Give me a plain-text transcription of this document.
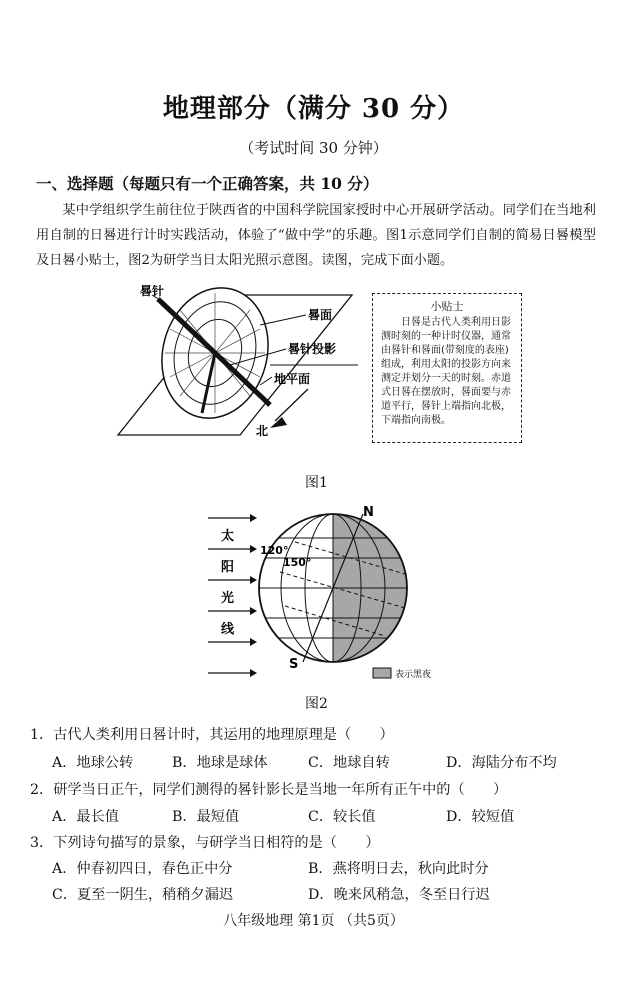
地理部分（满分 30 分）
（考试时间 30 分钟）
一、选择题（每题只有一个正确答案，共 10 分）
某中学组织学生前往位于陕西省的中国科学院国家授时中心开展研学活动。同学们在当地利用自制的日晷进行计时实践活动，体验了“做中学”的乐趣。图1示意同学们自制的简易日晷模型及日晷小贴士，图2为研学当日太阳光照示意图。读图，完成下面小题。
晷针
晷面
晷针投影
地平面
北
小贴士
日晷是古代人类利用日影测时刻的一种计时仪器，通常由晷针和晷面(带刻度的表座)组成，利用太阳的投影方向来测定并划分一天的时刻。赤道式日晷在摆放时，晷面要与赤道平行，晷针上端指向北极，下端指向南极。
图1
太
阳
光
线
120°
150°
N
S
表示黑夜
图2
1．古代人类利用日晷计时，其运用的地理原理是（　　）
A．地球公转	B．地球是球体	C．地球自转	D．海陆分布不均
2．研学当日正午，同学们测得的晷针影长是当地一年所有正午中的（　　）
A．最长值	B．最短值	C．较长值	D．较短值
3．下列诗句描写的景象，与研学当日相符的是（　　）
A．仲春初四日，春色正中分	B．燕将明日去，秋向此时分
C．夏至一阴生，稍稍夕漏迟	D．晚来风稍急，冬至日行迟
八年级地理 第1页 （共5页）
